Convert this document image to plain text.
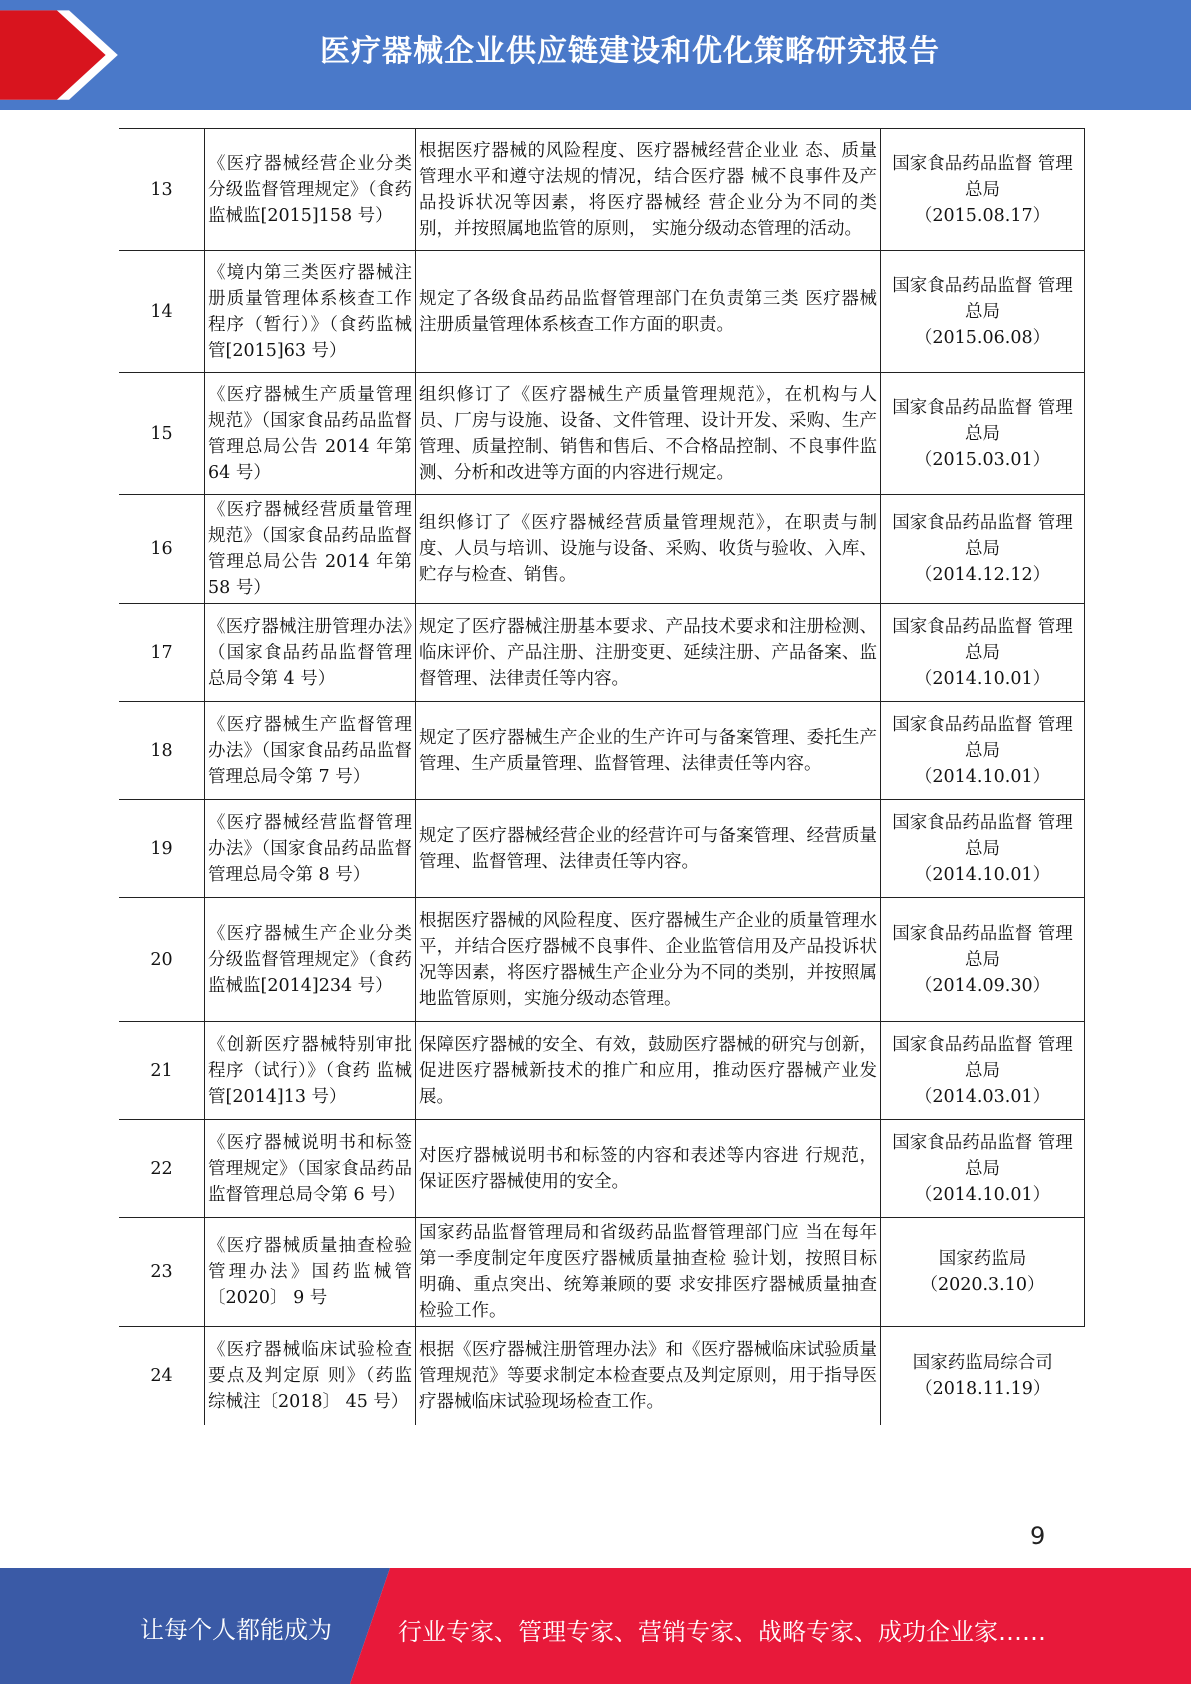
医疗器械企业供应链建设和优化策略研究报告
13	《医疗器械经营企业分类分级监督管理规定》（食药监械监[2015]158 号）	根据医疗器械的风险程度、医疗器械经营企业业 态、质量管理水平和遵守法规的情况，结合医疗器 械不良事件及产品投诉状况等因素，将医疗器械经 营企业分为不同的类别，并按照属地监管的原则， 实施分级动态管理的活动。	国家食品药品监督 管理总局
（2015.08.17）

14	《境内第三类医疗器械注册质量管理体系核查工作程序（暂行）》（食药监械管[2015]63 号）	规定了各级食品药品监督管理部门在负责第三类 医疗器械注册质量管理体系核查工作方面的职责。	国家食品药品监督 管理总局
（2015.06.08）

15	《医疗器械生产质量管理规范》（国家食品药品监督管理总局公告 2014 年第 64 号）	组织修订了《医疗器械生产质量管理规范》，在机构与人员、厂房与设施、设备、文件管理、设计开发、采购、生产管理、质量控制、销售和售后、不合格品控制、不良事件监测、分析和改进等方面的内容进行规定。	国家食品药品监督 管理总局
（2015.03.01）

16	《医疗器械经营质量管理规范》（国家食品药品监督管理总局公告 2014 年第 58 号）	组织修订了《医疗器械经营质量管理规范》，在职责与制度、人员与培训、设施与设备、采购、收货与验收、入库、贮存与检查、销售。	国家食品药品监督 管理总局
（2014.12.12）

17	《医疗器械注册管理办法》（国家食品药品监督管理总局令第 4 号）	规定了医疗器械注册基本要求、产品技术要求和注册检测、临床评价、产品注册、注册变更、延续注册、产品备案、监督管理、法律责任等内容。	国家食品药品监督 管理总局
（2014.10.01）

18	《医疗器械生产监督管理办法》（国家食品药品监督管理总局令第 7 号）	规定了医疗器械生产企业的生产许可与备案管理、委托生产管理、生产质量管理、监督管理、法律责任等内容。	国家食品药品监督 管理总局
（2014.10.01）

19	《医疗器械经营监督管理办法》（国家食品药品监督管理总局令第 8 号）	规定了医疗器械经营企业的经营许可与备案管理、经营质量管理、监督管理、法律责任等内容。	国家食品药品监督 管理总局
（2014.10.01）

20	《医疗器械生产企业分类分级监督管理规定》（食药监械监[2014]234 号）	根据医疗器械的风险程度、医疗器械生产企业的质量管理水平，并结合医疗器械不良事件、企业监管信用及产品投诉状况等因素，将医疗器械生产企业分为不同的类别，并按照属地监管原则，实施分级动态管理。	国家食品药品监督 管理总局
（2014.09.30）

21	《创新医疗器械特别审批程序（试行）》（食药 监械管[2014]13 号）	保障医疗器械的安全、有效，鼓励医疗器械的研究与创新，促进医疗器械新技术的推广和应用，推动医疗器械产业发展。	国家食品药品监督 管理总局
（2014.03.01）

22	《医疗器械说明书和标签管理规定》（国家食品药品监督管理总局令第 6 号）	对医疗器械说明书和标签的内容和表述等内容进 行规范，保证医疗器械使用的安全。	国家食品药品监督 管理总局
（2014.10.01）

23	《医疗器械质量抽查检验管理办法》国药监械管〔2020〕 9 号	国家药品监督管理局和省级药品监督管理部门应 当在每年第一季度制定年度医疗器械质量抽查检 验计划，按照目标明确、重点突出、统筹兼顾的要 求安排医疗器械质量抽查检验工作。	国家药监局
（2020.3.10）

24	《医疗器械临床试验检查要点及判定原 则》（药监综械注〔2018〕 45 号）	根据《医疗器械注册管理办法》和《医疗器械临床试验质量管理规范》等要求制定本检查要点及判定原则，用于指导医疗器械临床试验现场检查工作。	国家药监局综合司
（2018.11.19）
9
让每个人都能成为	行业专家、管理专家、营销专家、战略专家、成功企业家……
